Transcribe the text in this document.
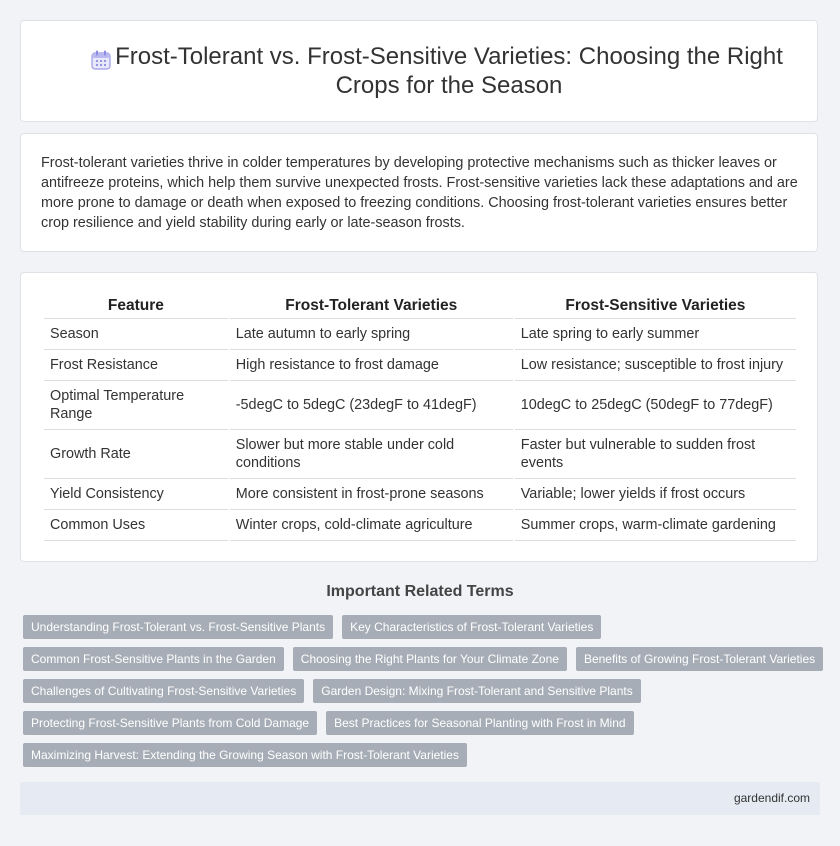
Frost-Tolerant vs. Frost-Sensitive Varieties: Choosing the Right Crops for the Season

Frost-tolerant varieties thrive in colder temperatures by developing protective mechanisms such as thicker leaves or antifreeze proteins, which help them survive unexpected frosts. Frost-sensitive varieties lack these adaptations and are more prone to damage or death when exposed to freezing conditions. Choosing frost-tolerant varieties ensures better crop resilience and yield stability during early or late-season frosts.

Feature	Frost-Tolerant Varieties	Frost-Sensitive Varieties
Season	Late autumn to early spring	Late spring to early summer
Frost Resistance	High resistance to frost damage	Low resistance; susceptible to frost injury
Optimal Temperature Range	-5degC to 5degC (23degF to 41degF)	10degC to 25degC (50degF to 77degF)
Growth Rate	Slower but more stable under cold conditions	Faster but vulnerable to sudden frost events
Yield Consistency	More consistent in frost-prone seasons	Variable; lower yields if frost occurs
Common Uses	Winter crops, cold-climate agriculture	Summer crops, warm-climate gardening
Important Related Terms
Understanding Frost-Tolerant vs. Frost-Sensitive Plants	Key Characteristics of Frost-Tolerant Varieties
Common Frost-Sensitive Plants in the Garden	Choosing the Right Plants for Your Climate Zone	Benefits of Growing Frost-Tolerant Varieties
Challenges of Cultivating Frost-Sensitive Varieties	Garden Design: Mixing Frost-Tolerant and Sensitive Plants
Protecting Frost-Sensitive Plants from Cold Damage	Best Practices for Seasonal Planting with Frost in Mind
Maximizing Harvest: Extending the Growing Season with Frost-Tolerant Varieties
gardendif.com
